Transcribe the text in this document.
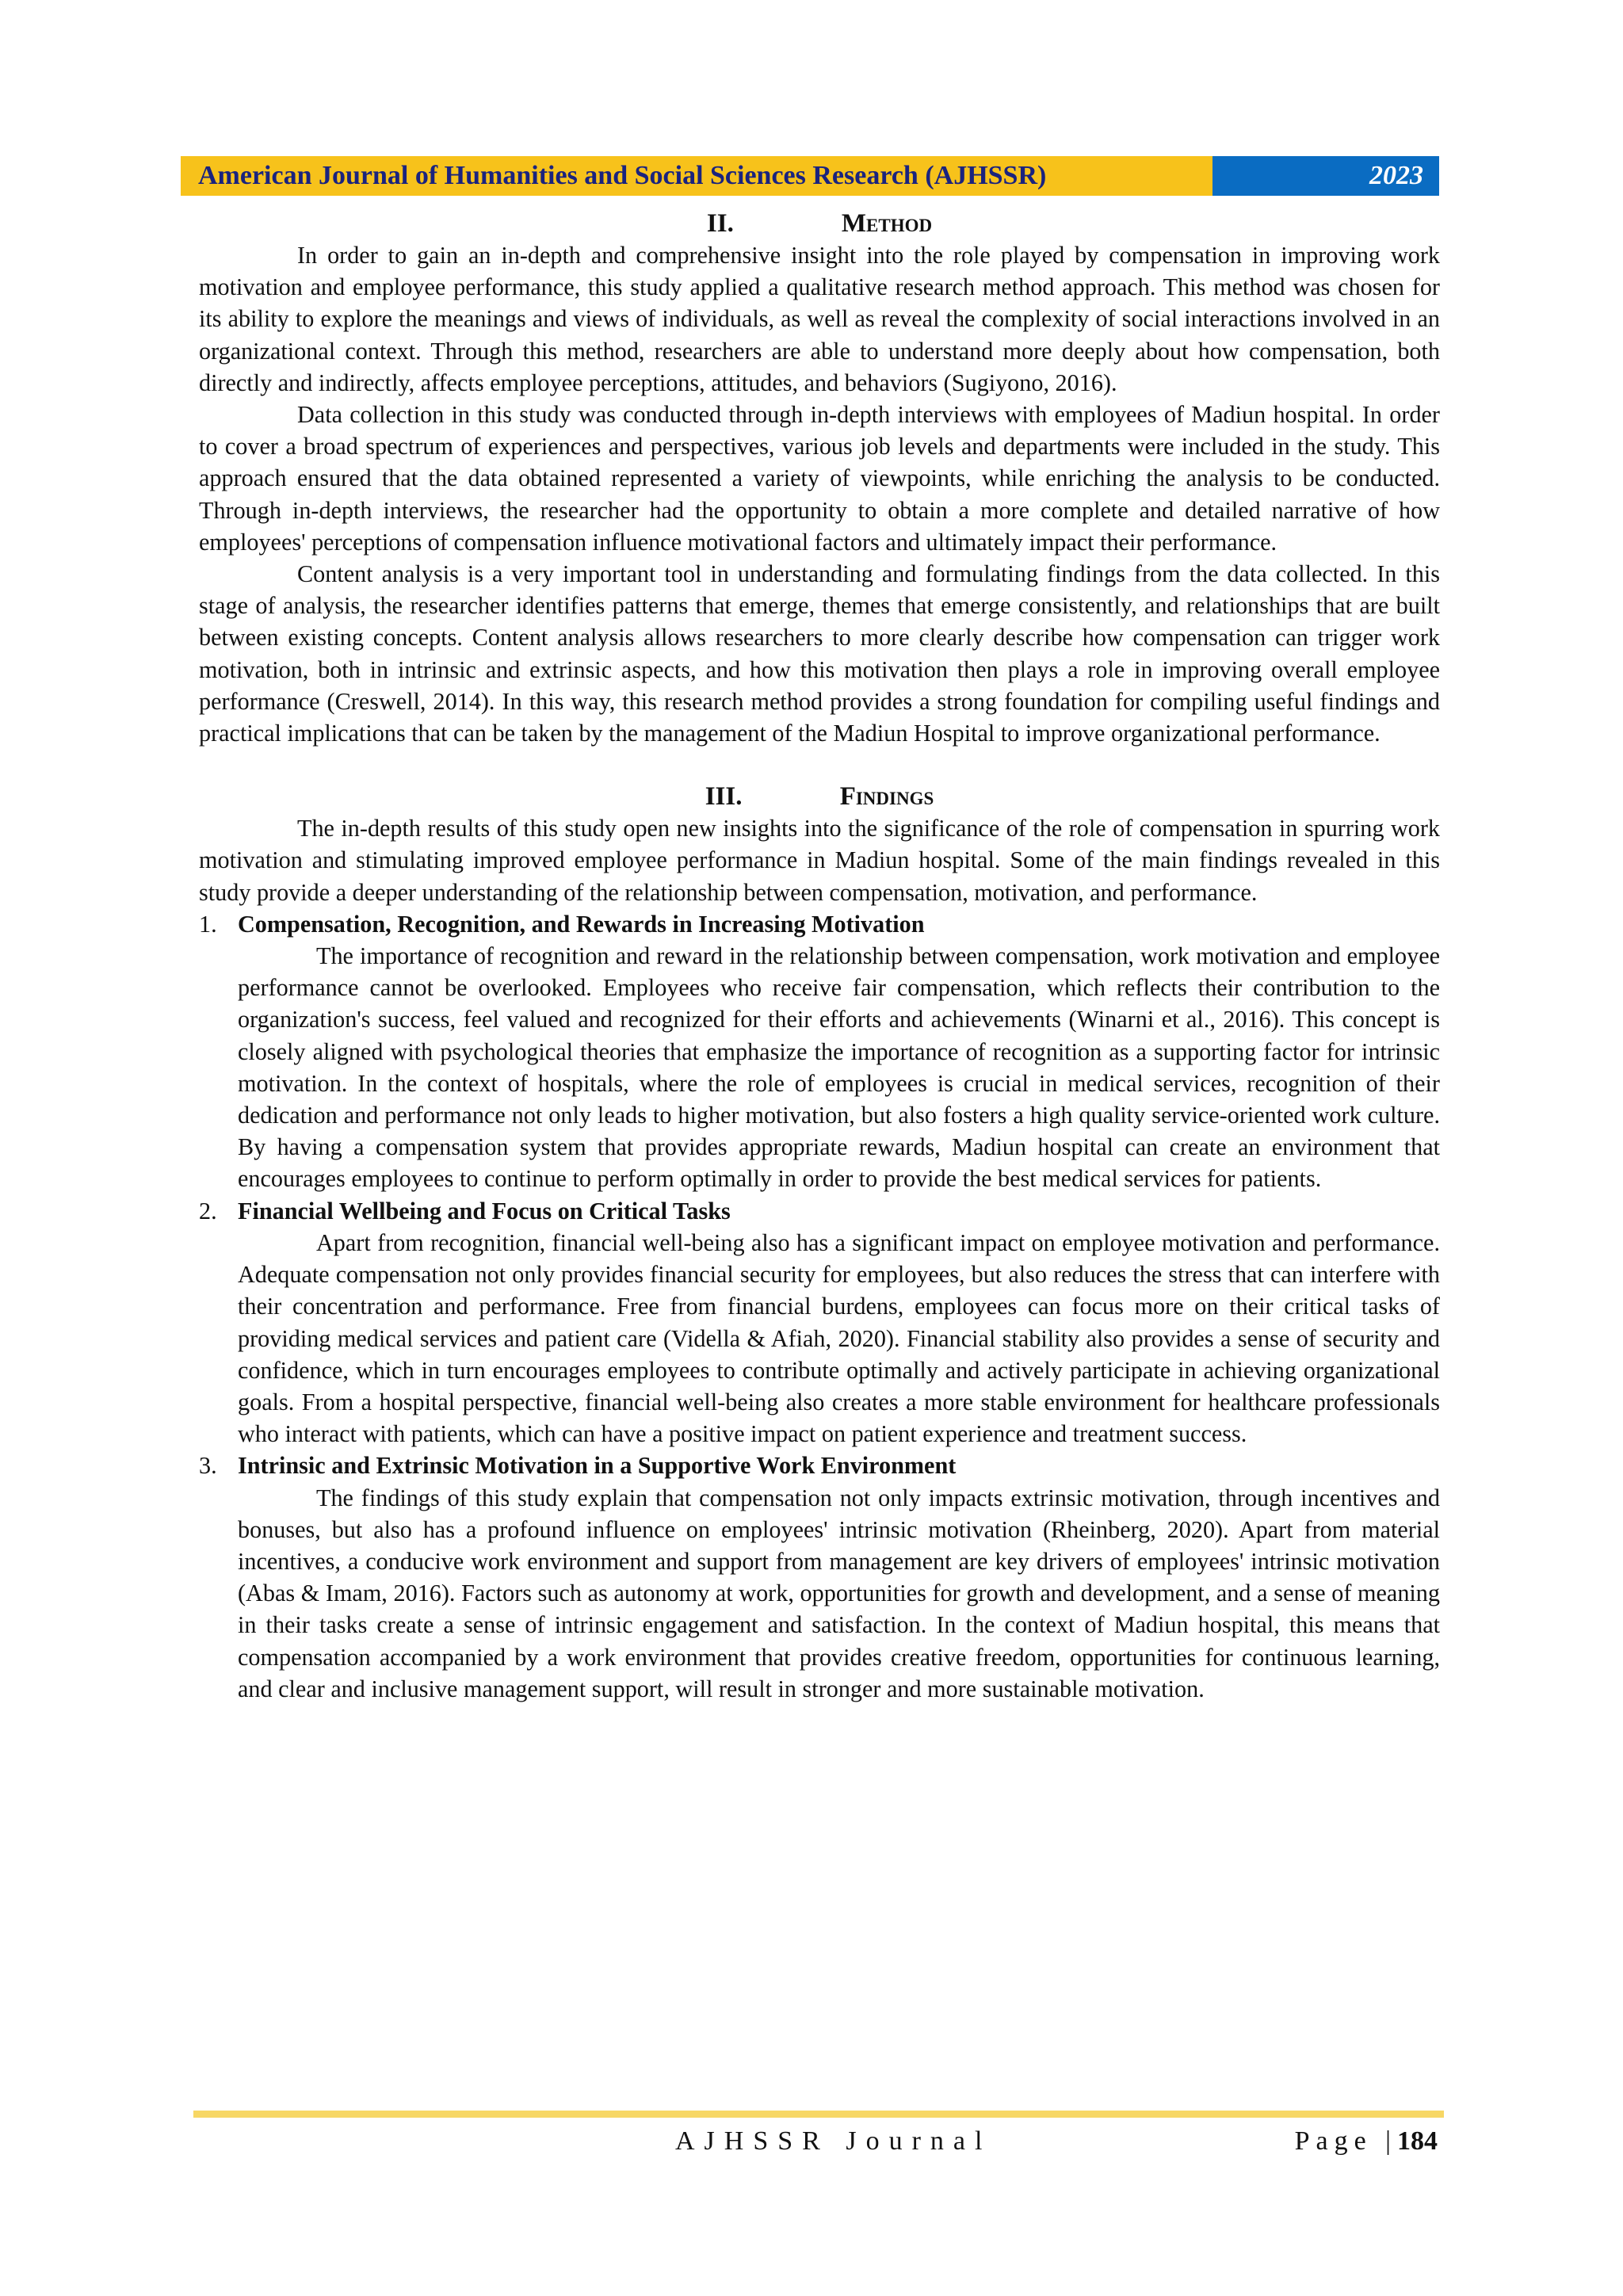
American Journal of Humanities and Social Sciences Research (AJHSSR)	2023
II.	Method

In order to gain an in-depth and comprehensive insight into the role played by compensation in improving work motivation and employee performance, this study applied a qualitative research method approach. This method was chosen for its ability to explore the meanings and views of individuals, as well as reveal the complexity of social interactions involved in an organizational context. Through this method, researchers are able to understand more deeply about how compensation, both directly and indirectly, affects employee perceptions, attitudes, and behaviors (Sugiyono, 2016).

Data collection in this study was conducted through in-depth interviews with employees of Madiun hospital. In order to cover a broad spectrum of experiences and perspectives, various job levels and departments were included in the study. This approach ensured that the data obtained represented a variety of viewpoints, while enriching the analysis to be conducted. Through in-depth interviews, the researcher had the opportunity to obtain a more complete and detailed narrative of how employees' perceptions of compensation influence motivational factors and ultimately impact their performance.

Content analysis is a very important tool in understanding and formulating findings from the data collected. In this stage of analysis, the researcher identifies patterns that emerge, themes that emerge consistently, and relationships that are built between existing concepts. Content analysis allows researchers to more clearly describe how compensation can trigger work motivation, both in intrinsic and extrinsic aspects, and how this motivation then plays a role in improving overall employee performance (Creswell, 2014). In this way, this research method provides a strong foundation for compiling useful findings and practical implications that can be taken by the management of the Madiun Hospital to improve organizational performance.

III.	Findings

The in-depth results of this study open new insights into the significance of the role of compensation in spurring work motivation and stimulating improved employee performance in Madiun hospital. Some of the main findings revealed in this study provide a deeper understanding of the relationship between compensation, motivation, and performance.

1. Compensation, Recognition, and Rewards in Increasing Motivation

The importance of recognition and reward in the relationship between compensation, work motivation and employee performance cannot be overlooked. Employees who receive fair compensation, which reflects their contribution to the organization's success, feel valued and recognized for their efforts and achievements (Winarni et al., 2016). This concept is closely aligned with psychological theories that emphasize the importance of recognition as a supporting factor for intrinsic motivation. In the context of hospitals, where the role of employees is crucial in medical services, recognition of their dedication and performance not only leads to higher motivation, but also fosters a high quality service-oriented work culture. By having a compensation system that provides appropriate rewards, Madiun hospital can create an environment that encourages employees to continue to perform optimally in order to provide the best medical services for patients.

2. Financial Wellbeing and Focus on Critical Tasks

Apart from recognition, financial well-being also has a significant impact on employee motivation and performance. Adequate compensation not only provides financial security for employees, but also reduces the stress that can interfere with their concentration and performance. Free from financial burdens, employees can focus more on their critical tasks of providing medical services and patient care (Vidella & Afiah, 2020). Financial stability also provides a sense of security and confidence, which in turn encourages employees to contribute optimally and actively participate in achieving organizational goals. From a hospital perspective, financial well-being also creates a more stable environment for healthcare professionals who interact with patients, which can have a positive impact on patient experience and treatment success.

3. Intrinsic and Extrinsic Motivation in a Supportive Work Environment

The findings of this study explain that compensation not only impacts extrinsic motivation, through incentives and bonuses, but also has a profound influence on employees' intrinsic motivation (Rheinberg, 2020). Apart from material incentives, a conducive work environment and support from management are key drivers of employees' intrinsic motivation (Abas & Imam, 2016). Factors such as autonomy at work, opportunities for growth and development, and a sense of meaning in their tasks create a sense of intrinsic engagement and satisfaction. In the context of Madiun hospital, this means that compensation accompanied by a work environment that provides creative freedom, opportunities for continuous learning, and clear and inclusive management support, will result in stronger and more sustainable motivation.

AJHSSR Journal	Page |184
